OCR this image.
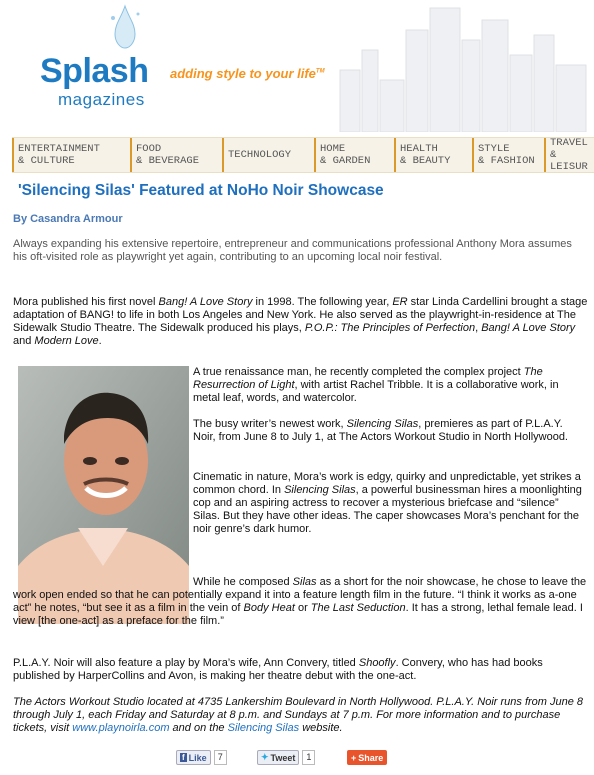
Splash
magazines
adding style to your life™
ENTERTAINMENT
& CULTURE
FOOD
& BEVERAGE	TECHNOLOGY	HOME
& GARDEN
HEALTH
& BEAUTY
STYLE
& FASHION
TRAVEL
& LEISUR
'Silencing Silas' Featured at NoHo Noir Showcase
By Casandra Armour
Always expanding his extensive repertoire, entrepreneur and communications professional Anthony Mora assumes his oft-visited role as playwright yet again, contributing to an upcoming local noir festival.
Mora published his first novel Bang! A Love Story in 1998. The following year, ER star Linda Cardellini brought a stage adaptation of BANG! to life in both Los Angeles and New York. He also served as the playwright-in-residence at The Sidewalk Studio Theatre. The Sidewalk produced his plays, P.O.P.: The Principles of Perfection, Bang! A Love Story and Modern Love.
A true renaissance man, he recently completed the complex project The Resurrection of Light, with artist Rachel Tribble. It is a collaborative work, in metal leaf, words, and watercolor.
The busy writer’s newest work, Silencing Silas, premieres as part of P.L.A.Y. Noir, from June 8 to July 1, at The Actors Workout Studio in North Hollywood.
Cinematic in nature, Mora’s work is edgy, quirky and unpredictable, yet strikes a common chord. In Silencing Silas, a powerful businessman hires a moonlighting cop and an aspiring actress to recover a mysterious briefcase and “silence” Silas. But they have other ideas. The caper showcases Mora’s penchant for the noir genre’s dark humor.
While he composed Silas as a short for the noir showcase, he chose to leave the work open ended so that he can potentially expand it into a feature length film in the future. “I think it works as a-one act” he notes, “but see it as a film in the vein of Body Heat or The Last Seduction. It has a strong, lethal female lead. I view [the one-act] as a preface for the film.”
P.L.A.Y. Noir will also feature a play by Mora’s wife, Ann Convery, titled Shoofly. Convery, who has had books published by HarperCollins and Avon, is making her theatre debut with the one-act.
The Actors Workout Studio located at 4735 Lankershim Boulevard in North Hollywood. P.L.A.Y. Noir runs from June 8 through July 1, each Friday and Saturday at 8 p.m. and Sundays at 7 p.m. For more information and to purchase tickets, visit www.playnoirla.com and on the Silencing Silas website.
f Like	7	✦ Tweet	1	+ Share
